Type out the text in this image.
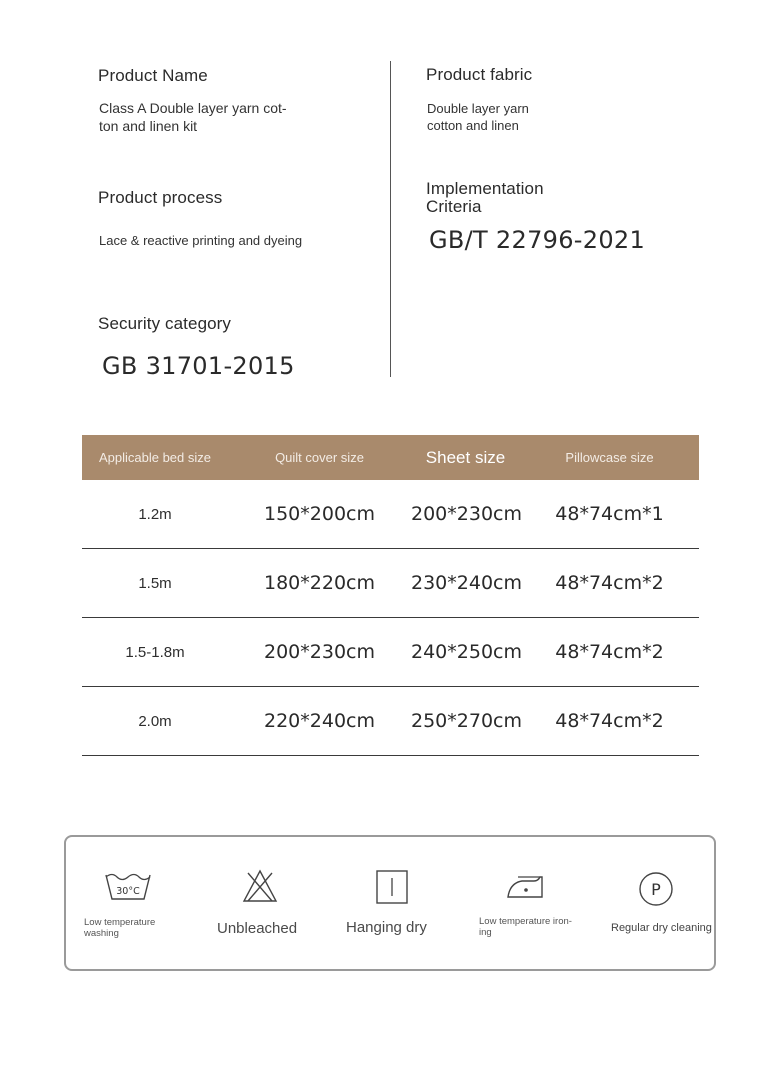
Product Name
Class A Double layer yarn cot-
ton and linen kit
Product fabric
Double layer yarn
cotton and linen
Product process
Lace & reactive printing and dyeing
Implementation
Criteria
GB/T 22796-2021
Security category
GB 31701-2015
Applicable bed size	Quilt cover size	Sheet size	Pillowcase size
1.2m	150*200cm	200*230cm	48*74cm*1
1.5m	180*220cm	230*240cm	48*74cm*2
1.5-1.8m	200*230cm	240*250cm	48*74cm*2
2.0m	220*240cm	250*270cm	48*74cm*2
30°C
Low temperature
washing	Unbleached	Hanging dry	Low temperature iron-
ing
P
Regular dry cleaning
